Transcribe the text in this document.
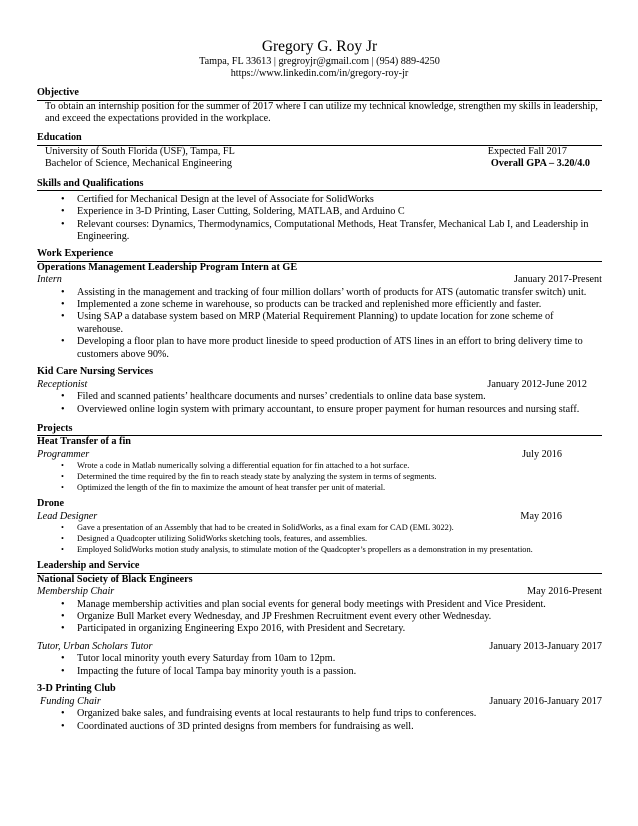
Gregory G. Roy Jr
Tampa, FL 33613 | gregroyjr@gmail.com | (954) 889-4250
https://www.linkedin.com/in/gregory-roy-jr
Objective
To obtain an internship position for the summer of 2017 where I can utilize my technical knowledge, strengthen my skills in leadership, and exceed the expectations provided in the workplace.
Education
University of South Florida (USF), Tampa, FL	Expected Fall 2017
Bachelor of Science, Mechanical Engineering	Overall GPA – 3.20/4.0
Skills and Qualifications
• Certified for Mechanical Design at the level of Associate for SolidWorks
• Experience in 3-D Printing, Laser Cutting, Soldering, MATLAB, and Arduino C
• Relevant courses: Dynamics, Thermodynamics, Computational Methods, Heat Transfer, Mechanical Lab I, and Leadership in Engineering.
Work Experience
Operations Management Leadership Program Intern at GE
Intern	January 2017-Present
• Assisting in the management and tracking of four million dollars’ worth of products for ATS (automatic transfer switch) unit.
• Implemented a zone scheme in warehouse, so products can be tracked and replenished more efficiently and faster.
• Using SAP a database system based on MRP (Material Requirement Planning) to update location for zone scheme of warehouse.
• Developing a floor plan to have more product lineside to speed production of ATS lines in an effort to bring delivery time to customers above 90%.
Kid Care Nursing Services
Receptionist	January 2012-June 2012
• Filed and scanned patients’ healthcare documents and nurses’ credentials to online data base system.
• Overviewed online login system with primary accountant, to ensure proper payment for human resources and nursing staff.
Projects
Heat Transfer of a fin
Programmer	July 2016
• Wrote a code in Matlab numerically solving a differential equation for fin attached to a hot surface.
• Determined the time required by the fin to reach steady state by analyzing the system in terms of segments.
• Optimized the length of the fin to maximize the amount of heat transfer per unit of material.
Drone
Lead Designer	May 2016
• Gave a presentation of an Assembly that had to be created in SolidWorks, as a final exam for CAD (EML 3022).
• Designed a Quadcopter utilizing SolidWorks sketching tools, features, and assemblies.
• Employed SolidWorks motion study analysis, to stimulate motion of the Quadcopter’s propellers as a demonstration in my presentation.
Leadership and Service
National Society of Black Engineers
Membership Chair	May 2016-Present
• Manage membership activities and plan social events for general body meetings with President and Vice President.
• Organize Bull Market every Wednesday, and JP Freshmen Recruitment event every other Wednesday.
• Participated in organizing Engineering Expo 2016, with President and Secretary.
Tutor, Urban Scholars Tutor	January 2013-January 2017
• Tutor local minority youth every Saturday from 10am to 12pm.
• Impacting the future of local Tampa bay minority youth is a passion.
3-D Printing Club
Funding Chair	January 2016-January 2017
• Organized bake sales, and fundraising events at local restaurants to help fund trips to conferences.
• Coordinated auctions of 3D printed designs from members for fundraising as well.
